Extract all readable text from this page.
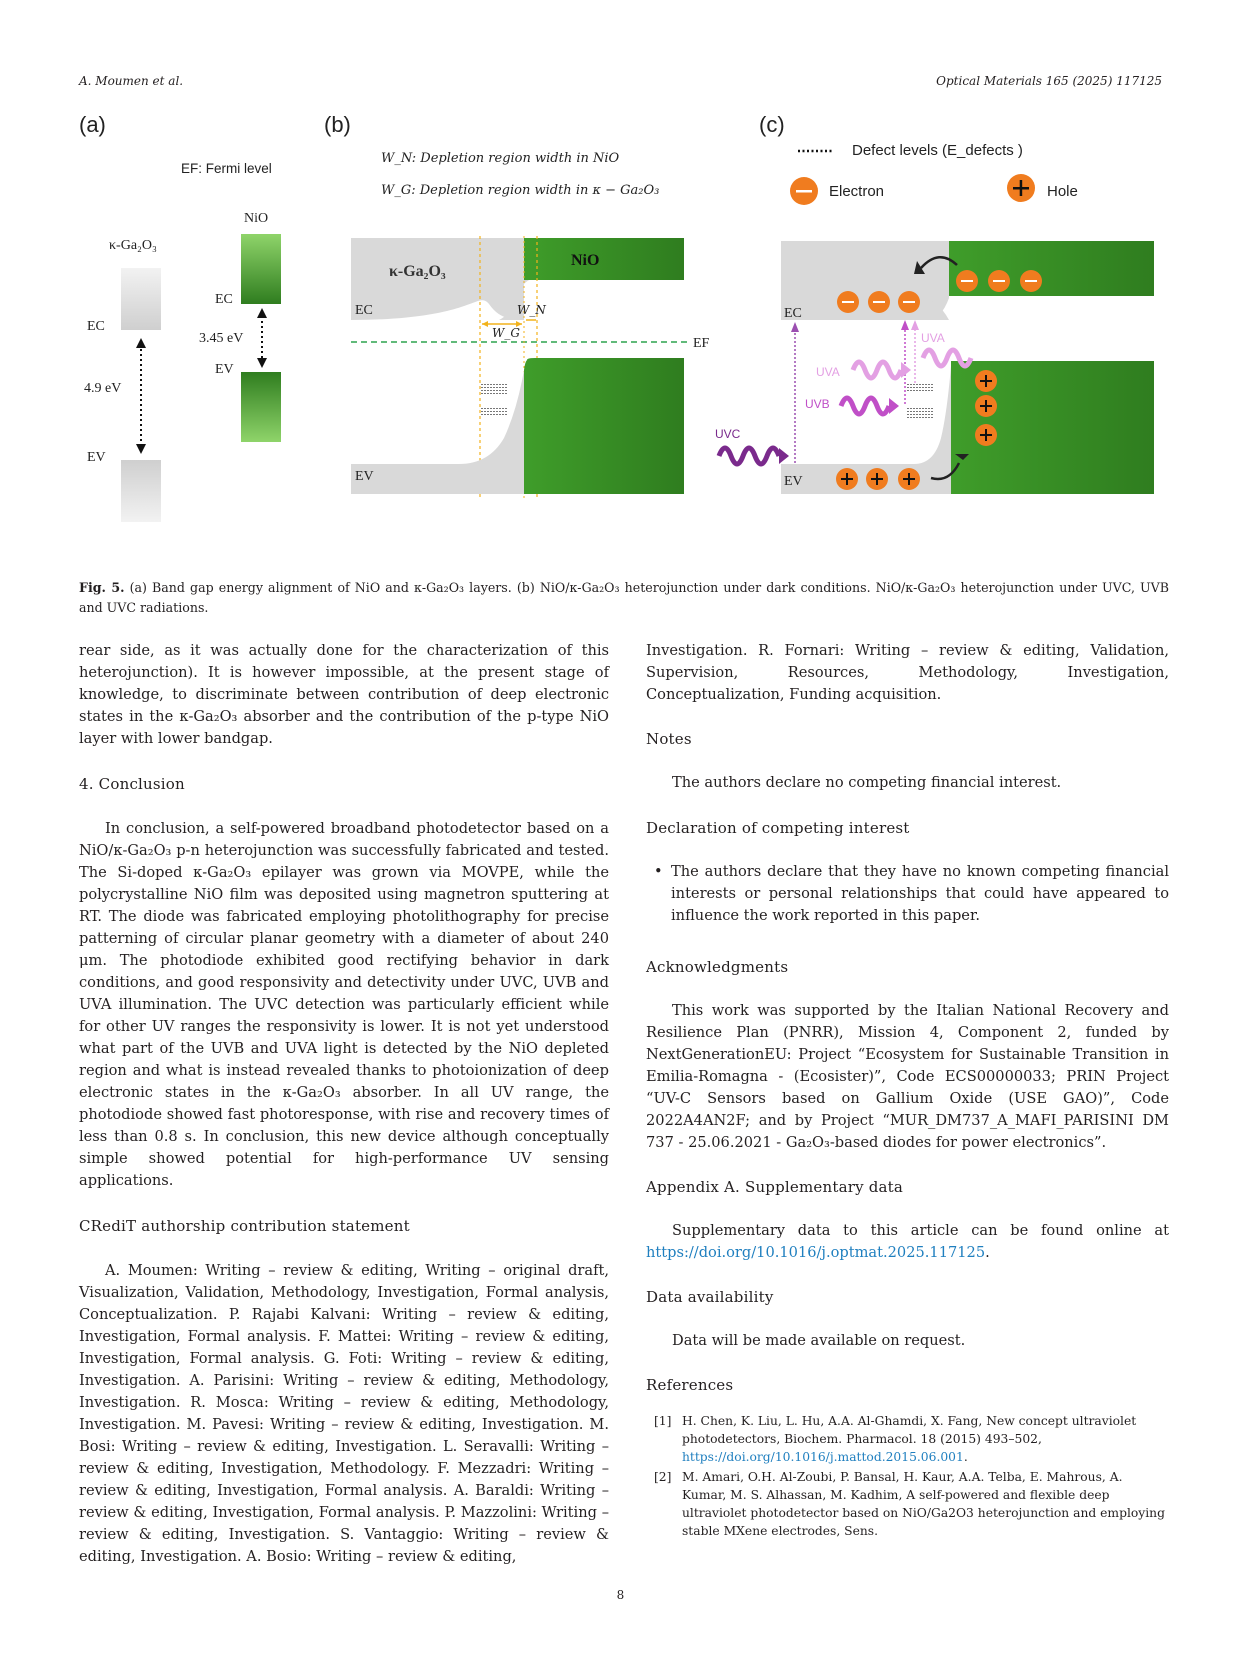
A. Moumen et al.	Optical Materials 165 (2025) 117125
(a)
EF: Fermi level
κ-Ga₂O₃
EC
EV
4.9 eV
NiO
EC
EV
3.45 eV
(b)
W_N: Depletion region width in NiO
W_G: Depletion region width in κ − Ga₂O₃
NiO
κ-Ga₂O₃
EC
EF
W_N
W_G
EV
(c)
Defect levels (E_defects )
Electron	Hole
EC
EV
UVC
UVB
UVA
UVA
Fig. 5. (a) Band gap energy alignment of NiO and κ-Ga₂O₃ layers. (b) NiO/κ-Ga₂O₃ heterojunction under dark conditions. NiO/κ-Ga₂O₃ heterojunction under UVC, UVB and UVC radiations.

rear side, as it was actually done for the characterization of this heterojunction). It is however impossible, at the present stage of knowledge, to discriminate between contribution of deep electronic states in the κ-Ga₂O₃ absorber and the contribution of the p-type NiO layer with lower bandgap.

4. Conclusion

In conclusion, a self-powered broadband photodetector based on a NiO/κ-Ga₂O₃ p-n heterojunction was successfully fabricated and tested. The Si-doped κ-Ga₂O₃ epilayer was grown via MOVPE, while the polycrystalline NiO film was deposited using magnetron sputtering at RT. The diode was fabricated employing photolithography for precise patterning of circular planar geometry with a diameter of about 240 μm. The photodiode exhibited good rectifying behavior in dark conditions, and good responsivity and detectivity under UVC, UVB and UVA illumination. The UVC detection was particularly efficient while for other UV ranges the responsivity is lower. It is not yet understood what part of the UVB and UVA light is detected by the NiO depleted region and what is instead revealed thanks to photoionization of deep electronic states in the κ-Ga₂O₃ absorber. In all UV range, the photodiode showed fast photoresponse, with rise and recovery times of less than 0.8 s. In conclusion, this new device although conceptually simple showed potential for high-performance UV sensing applications.

CRediT authorship contribution statement

A. Moumen: Writing – review & editing, Writing – original draft, Visualization, Validation, Methodology, Investigation, Formal analysis, Conceptualization. P. Rajabi Kalvani: Writing – review & editing, Investigation, Formal analysis. F. Mattei: Writing – review & editing, Investigation, Formal analysis. G. Foti: Writing – review & editing, Investigation. A. Parisini: Writing – review & editing, Methodology, Investigation. R. Mosca: Writing – review & editing, Methodology, Investigation. M. Pavesi: Writing – review & editing, Investigation. M. Bosi: Writing – review & editing, Investigation. L. Seravalli: Writing – review & editing, Investigation, Methodology. F. Mezzadri: Writing – review & editing, Investigation, Formal analysis. A. Baraldi: Writing – review & editing, Investigation, Formal analysis. P. Mazzolini: Writing – review & editing, Investigation. S. Vantaggio: Writing – review & editing, Investigation. A. Bosio: Writing – review & editing,

Investigation. R. Fornari: Writing – review & editing, Validation, Supervision, Resources, Methodology, Investigation, Conceptualization, Funding acquisition.

Notes

The authors declare no competing financial interest.

Declaration of competing interest
• The authors declare that they have no known competing financial interests or personal relationships that could have appeared to influence the work reported in this paper.
Acknowledgments

This work was supported by the Italian National Recovery and Resilience Plan (PNRR), Mission 4, Component 2, funded by NextGenerationEU: Project “Ecosystem for Sustainable Transition in Emilia-Romagna - (Ecosister)”, Code ECS00000033; PRIN Project “UV-C Sensors based on Gallium Oxide (USE GAO)”, Code 2022A4AN2F; and by Project “MUR_DM737_A_MAFI_PARISINI DM 737 - 25.06.2021 - Ga₂O₃-based diodes for power electronics”.

Appendix A. Supplementary data

Supplementary data to this article can be found online at https://doi.org/10.1016/j.optmat.2025.117125.

Data availability

Data will be made available on request.

References
[1] H. Chen, K. Liu, L. Hu, A.A. Al-Ghamdi, X. Fang, New concept ultraviolet photodetectors, Biochem. Pharmacol. 18 (2015) 493–502, https://doi.org/10.1016/j.mattod.2015.06.001.
[2] M. Amari, O.H. Al-Zoubi, P. Bansal, H. Kaur, A.A. Telba, E. Mahrous, A. Kumar, M. S. Alhassan, M. Kadhim, A self-powered and flexible deep ultraviolet photodetector based on NiO/Ga2O3 heterojunction and employing stable MXene electrodes, Sens.
8
